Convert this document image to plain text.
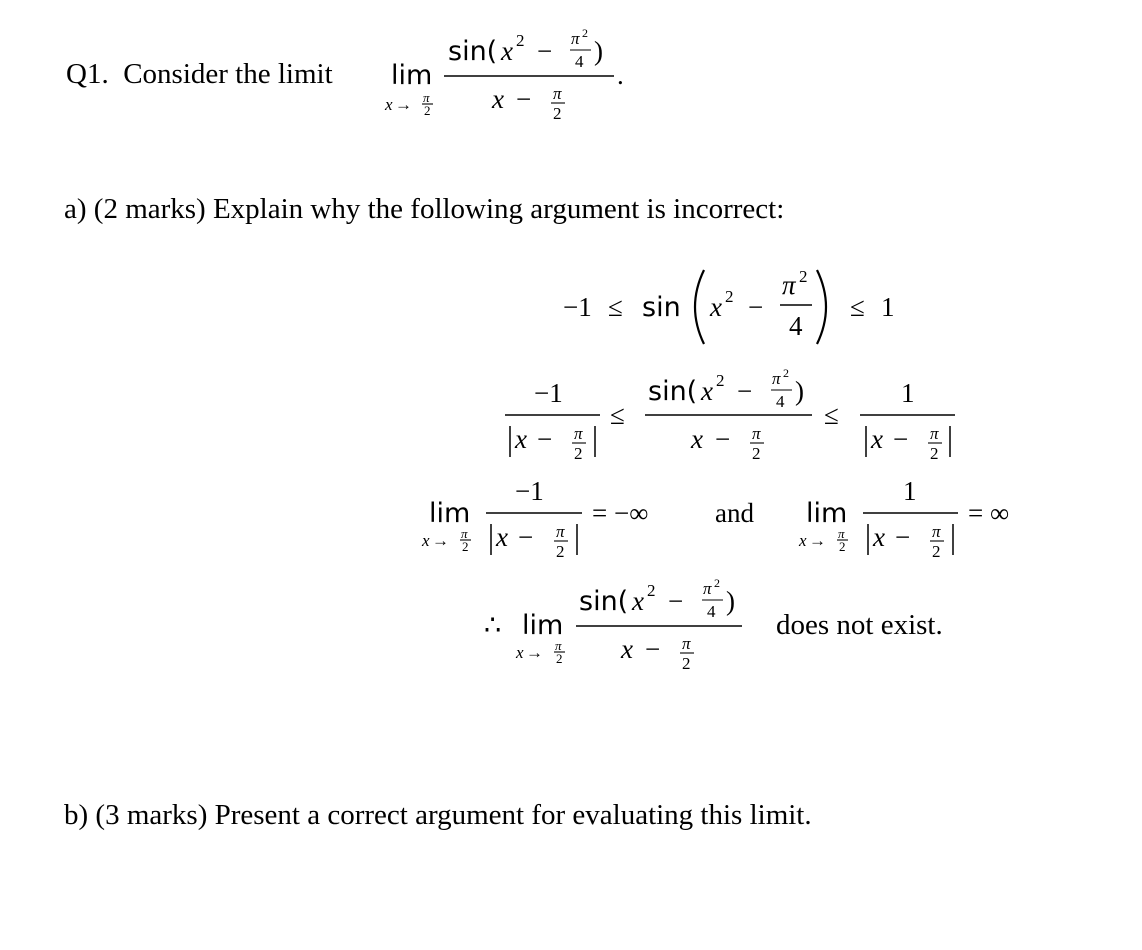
Q1. Consider the limit
a) (2 marks) Explain why the following argument is incorrect:
b) (3 marks) Present a correct argument for evaluating this limit.
lim
x → π
2
sin( x 2 − π 2
4 )
x − π
2
.
−1 ≤ sin x 2 −
π 2
4
≤ 1
−1
x − π
2
≤
sin( x 2 − π 2
4 )
x − π
2
≤
1
x − π
2
lim
x → π
2
−1
x − π
2
= −∞ and lim
x → π
2
1
x − π
2
= ∞
∴ lim
x → π
2
sin( x 2 − π 2
4 )
x − π
2
does not exist.
